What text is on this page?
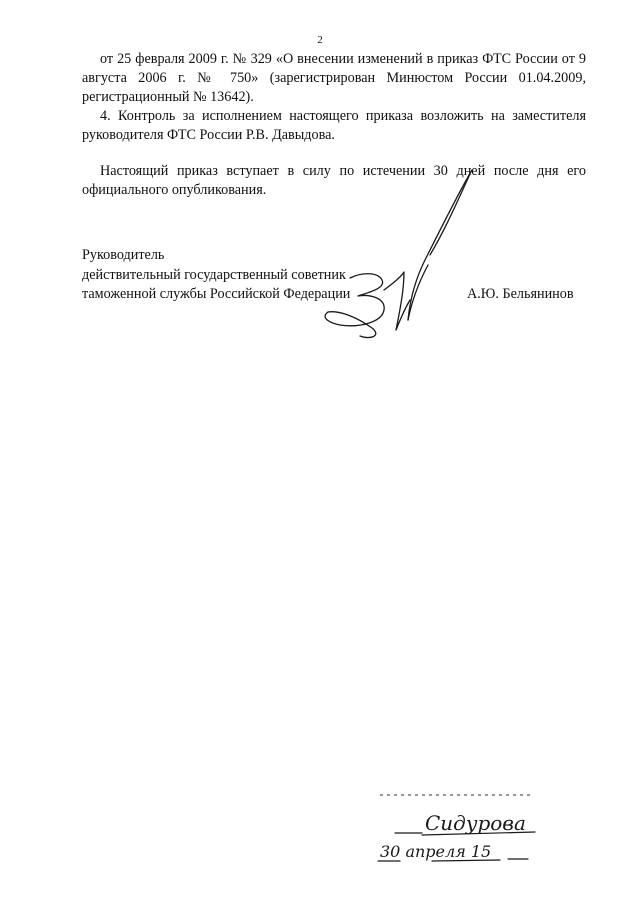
2
от 25 февраля 2009 г. № 329 «О внесении изменений в приказ ФТС России от 9 августа 2006 г. № 750» (зарегистрирован Минюстом России 01.04.2009, регистрационный № 13642).
4. Контроль за исполнением настоящего приказа возложить на заместителя руководителя ФТС России Р.В. Давыдова.
Настоящий приказ вступает в силу по истечении 30 дней после дня его официального опубликования.
Руководитель
действительный государственный советник
таможенной службы Российской Федерации	А.Ю. Бельянинов
Сидурова
30 апреля 15
